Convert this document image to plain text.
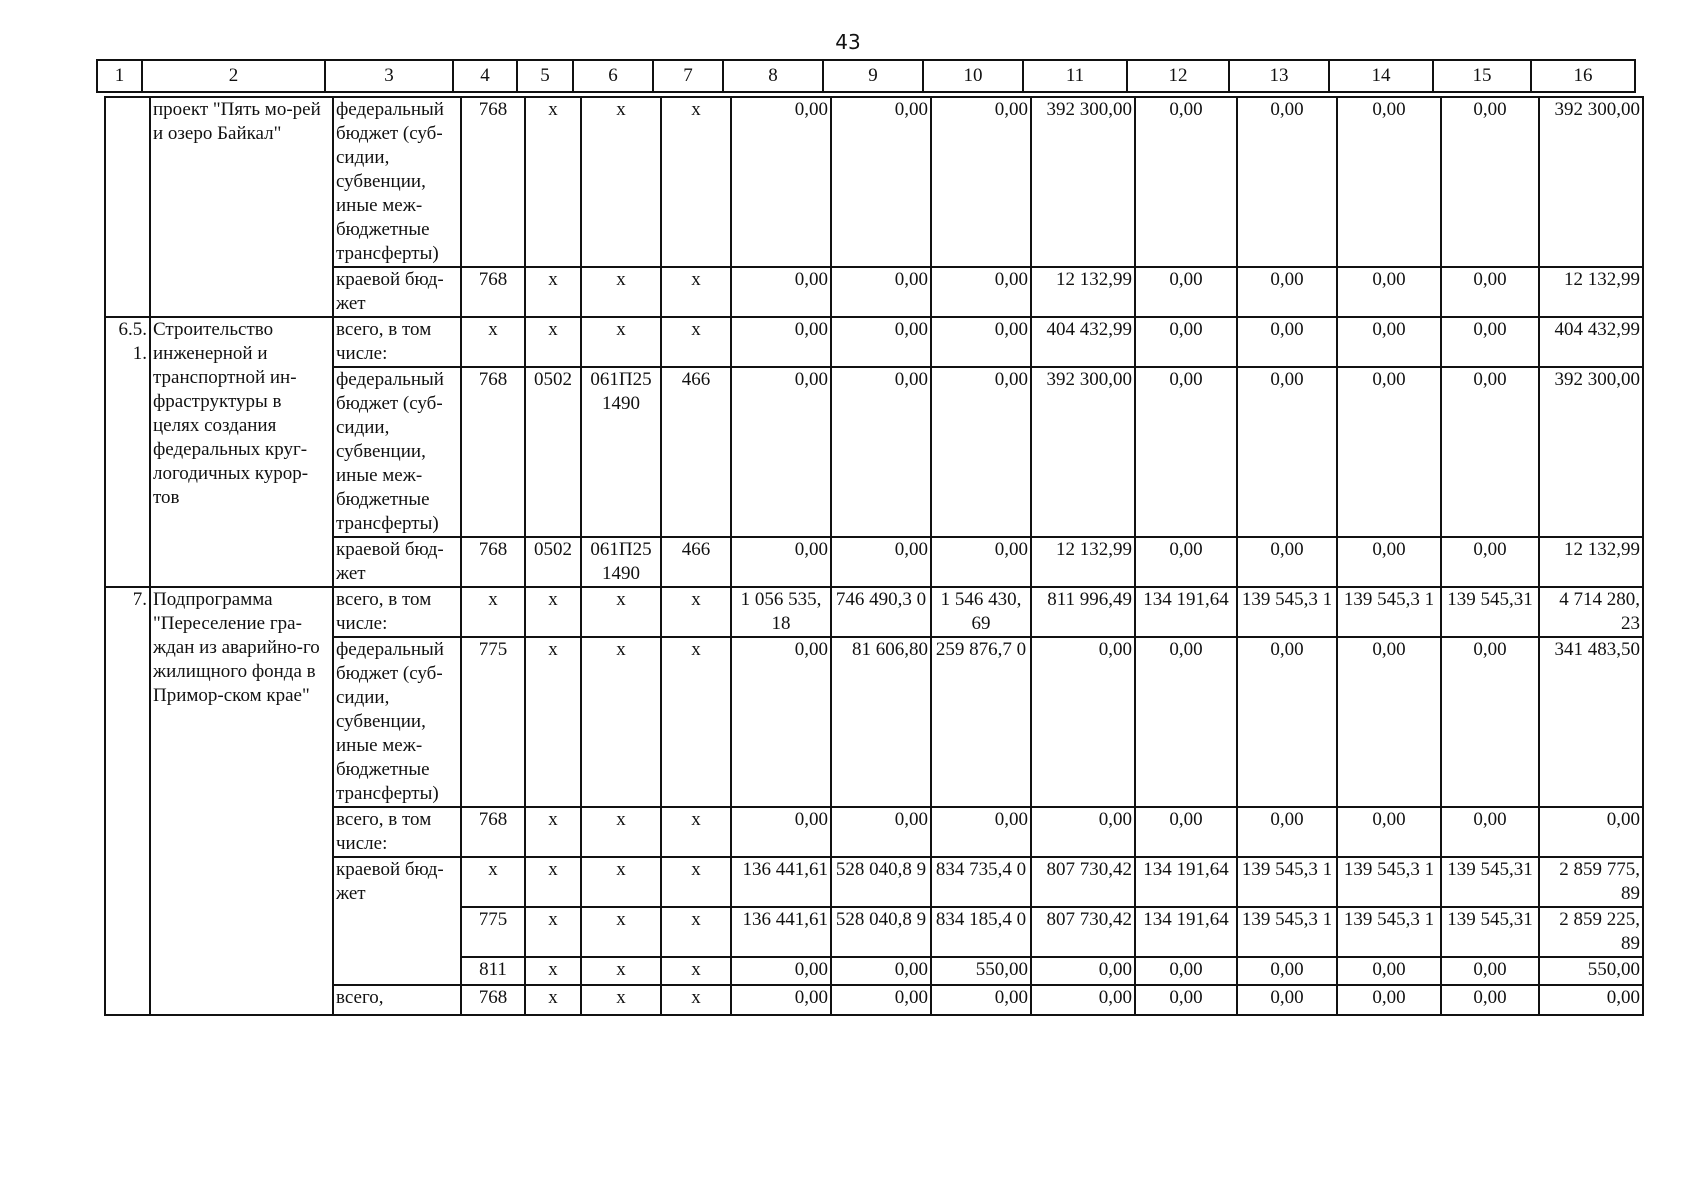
43
1	2	3	4	5	6	7	8	9	10	11	12	13	14	15	16
	проект "Пять мо-рей и озеро Байкал"	федеральный бюджет (суб-сидии, субвенции, иные меж-бюджетные трансферты)	768	х	х	х	0,00	0,00	0,00	392 300,00	0,00	0,00	0,00	0,00	392 300,00
		краевой бюд-жет	768	х	х	х	0,00	0,00	0,00	12 132,99	0,00	0,00	0,00	0,00	12 132,99
6.5. 1.	Строительство инженерной и транспортной ин-фраструктуры в целях создания федеральных круг-логодичных курор-тов	всего, в том числе:	х	х	х	х	0,00	0,00	0,00	404 432,99	0,00	0,00	0,00	0,00	404 432,99
		федеральный бюджет (суб-сидии, субвенции, иные меж-бюджетные трансферты)	768	0502	061П25 1490	466	0,00	0,00	0,00	392 300,00	0,00	0,00	0,00	0,00	392 300,00
		краевой бюд-жет	768	0502	061П25 1490	466	0,00	0,00	0,00	12 132,99	0,00	0,00	0,00	0,00	12 132,99
7.	Подпрограмма "Переселение гра-ждан из аварийно-го жилищного фонда в Примор-ском крае"	всего, в том числе:	х	х	х	х	1 056 535, 18	746 490,3 0	1 546 430, 69	811 996,49	134 191,64	139 545,3 1	139 545,3 1	139 545,31	4 714 280, 23
		федеральный бюджет (суб-сидии, субвенции, иные меж-бюджетные трансферты)	775	х	х	х	0,00	81 606,80	259 876,7 0	0,00	0,00	0,00	0,00	0,00	341 483,50
		всего, в том числе:	768	х	х	х	0,00	0,00	0,00	0,00	0,00	0,00	0,00	0,00	0,00
		краевой бюд-жет	х	х	х	х	136 441,61	528 040,8 9	834 735,4 0	807 730,42	134 191,64	139 545,3 1	139 545,3 1	139 545,31	2 859 775, 89
			775	х	х	х	136 441,61	528 040,8 9	834 185,4 0	807 730,42	134 191,64	139 545,3 1	139 545,3 1	139 545,31	2 859 225, 89
			811	х	х	х	0,00	0,00	550,00	0,00	0,00	0,00	0,00	0,00	550,00
		всего,	768	х	х	х	0,00	0,00	0,00	0,00	0,00	0,00	0,00	0,00	0,00
